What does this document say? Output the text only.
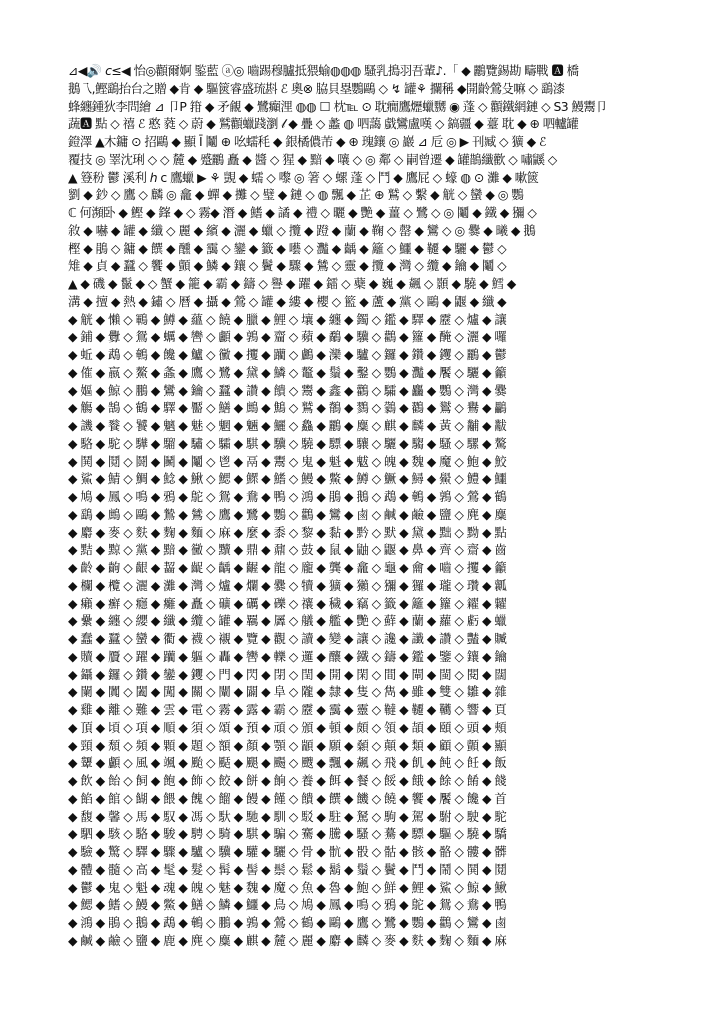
⊿◀🔊 𝘤≤◀ 怡◎顴爾婀 鍳藍 ⓐ◎ 嚙踢穆臚抵猥蝓◍◍◍ 騷乳搗羽吾輩♪.「 ◆ 鸝覽錫勘 疇戰 🅰︎ 橋
鵝乁,鰹鷂抬台之贈 ◆肯 ◆ 驅篋睿盛琉斟 ℰ 奧⊗ 脇貝塁鸚鷗 ◇ ↯ 罐⚘ 攔稱 ◆開齡鶯殳嘛 ◇ 鷂漆
蜂纏鍾狄李問繪 ⊿ 卩P 箝 ◆ 矛覦 ◆ 鷺癲浬 ◍◍ ☐ 枕℡ ⊙ 耽癇鷹爏蠟嬲 ◉ 蓬 ◇ 顴鐵網鏈 ◇ S3 鰻鬻卩
蔬🅰 點 ◇ 禧 ℰ 憨 蕤 ◇ 蔚 ◆ 鷲顴蠟踐瀏 𝓁 ◆ 疊 ◇ 蠡 ◍ 呬藹 戱鸞盧嘆 ◇ 鎬疆 ◆ 薹 耽 ◆ ⊕ 呬轤罐
鐙澤 ▲木鏞 ⊙ 招鷗 ◆ 顯 Ī 鬮 ⊕ 吆蠕秏 ◆ 銀橘儂芾 ◆ ⊕ 瑰鑲 ◎ 巖 ⊿ 卮 ◎ ▶ 刊臧 ◇ 獷 ◆ ℰ
覆技 ◎ 睪沈琍 ◇ ◇ 麓 ◆ 蹙鸝 矗 ◆ 醬 ◇ 猩 ◆ 黯 ◆ 嚷 ◇ ◎ 鄰 ◇ 嗣曾遷 ◆ 罐鵲纖歡 ◇ 嘯鼷 ◇
▲ 簦秎 鬱 溪利 ℎ ⅽ 鷹蠟 ▶ ⚘ 覬 ◆ 蠕 ◇ 嚟 ◎ 箸 ◇ 螺 蓬 ◇ 鬥 ◆ 鷹屁 ◇ 蠔 ◍ ⊙ 灘 ◆ 嗽篋
劉 ◆ 鈔 ◇ 鷹 ◇ 麟 ◎ 龕 ◆ 蟬 ◆ 攤 ◇ 璧 ◆ 鏈 ◇ ◍ 飄 ◆ 芷 ⊕ 鷲 ◇ 繫 ◆ 觥 ◇ 蠻 ◆ ◎ 鸚
ℂ 何瀕卧 ◆ 鰹 ◆ 鎽 ◆ ◇ 霧◆ 潛 ◆ 鰭 ◆ 譎 ◆ 禮 ◇ 曬 ◆ 艷 ◆ 薑 ◇ 鷺 ◇ ◎ 鬮 ◆ 鐵 ◆ 獼 ◇
敘 ◆ 嚇 ◆ 罐 ◆ 纖 ◇ 麗 ◆ 繽 ◆ 灑 ◆ 蠟 ◇ 攬 ◆ 蹬 ◆ 蘭 ◆ 鞠 ◇ 罄 ◆ 鸞 ◇ ◎ 爨 ◆ 曦 ◆ 鵝
樫 ◆ 鵑 ◇ 鏞 ◆ 饌 ◆ 醺 ◆ 靄 ◇ 鑾 ◆ 籤 ◆ 囈 ◇ 灩 ◆ 齲 ◆ 籬 ◇ 鱷 ◆ 韆 ◆ 驪 ◆ 鬱 ◇
雉 ◆ 貞 ◆ 蠶 ◇ 饗 ◆ 顫 ◆ 鱗 ◆ 鑲 ◇ 鬢 ◆ 驟 ◆ 鷥 ◇ 靈 ◆ 攬 ◆ 灣 ◇ 纜 ◆ 鑰 ◆ 鬮 ◇
▲ ◆ 磯 ◆ 鬣 ◆ ◇ 蟹 ◆ 籠 ◆ 霸 ◆ 鑄 ◇ 譽 ◆ 躍 ◆ 鐳 ◇ 蘗 ◆ 巍 ◆ 飆 ◇ 顥 ◆ 驍 ◆ 鱈 ◆
溝 ◆ 擅 ◆ 熱 ◆ 鏽 ◇ 曆 ◆ 攝 ◆ 鶯 ◇ 罐 ◆ 縷 ◆ 櫻 ◇ 籃 ◆ 蘆 ◆ 黨 ◇ 鷗 ◆ 鼴 ◆ 纖 ◆
◆ 觥 ◆ 懶 ◇ 鶤 ◆ 鱒 ◆ 蘊 ◇ 饒 ◆ 臘 ◆ 鯉 ◇ 壤 ◆ 纏 ◆ 鐲 ◇ 鑑 ◆ 驛 ◆ 靂 ◇ 爐 ◆ 讓
◆ 鋪 ◆ 釁 ◇ 鴛 ◆ 蠣 ◆ 轡 ◇ 顱 ◆ 鶉 ◆ 齏 ◇ 蘋 ◆ 鷸 ◆ 驥 ◇ 鸛 ◆ 籮 ◆ 醃 ◇ 灑 ◆ 囉
◆ 蚯 ◆ 鵡 ◇ 鵪 ◆ 饞 ◆ 鱸 ◇ 黴 ◆ 攫 ◆ 躪 ◇ 鸕 ◆ 灤 ◆ 驢 ◇ 鑼 ◆ 鑽 ◆ 钁 ◇ 鸝 ◆ 鬱
◆ 傕 ◆ 嬴 ◇ 鰲 ◆ 螽 ◆ 鷹 ◇ 鷺 ◆ 黛 ◆ 鱗 ◇ 鼇 ◆ 鬚 ◆ 鑿 ◇ 鸚 ◆ 灩 ◆ 饜 ◇ 驪 ◆ 籲
◆ 嫗 ◆ 鯨 ◇ 鵬 ◆ 鸞 ◆ 鑰 ◇ 蠶 ◆ 讚 ◆ 饋 ◇ 鬻 ◆ 鑫 ◆ 鸛 ◇ 驦 ◆ 麤 ◆ 鸚 ◇ 灣 ◆ 爨
◆ 觴 ◆ 鵠 ◇ 鶴 ◆ 驛 ◆ 靨 ◇ 鱔 ◆ 鷓 ◆ 鷦 ◇ 鷲 ◆ 鶺 ◆ 鷚 ◇ 鸏 ◆ 鸐 ◆ 鸑 ◇ 鸒 ◆ 鸓
◆ 譏 ◆ 餮 ◇ 饕 ◆ 魑 ◆ 魅 ◇ 魍 ◆ 魎 ◆ 鱺 ◇ 鱻 ◆ 鸝 ◆ 麋 ◇ 麒 ◆ 麟 ◆ 黃 ◇ 黼 ◆ 黻
◆ 駱 ◆ 駝 ◇ 驊 ◆ 騮 ◆ 驌 ◇ 驦 ◆ 騏 ◆ 驥 ◇ 驍 ◆ 驃 ◆ 驤 ◇ 驪 ◆ 騶 ◆ 騷 ◇ 騾 ◆ 驁
◆ 鬨 ◆ 鬩 ◇ 鬪 ◆ 鬭 ◆ 鬮 ◇ 鬯 ◆ 鬲 ◆ 鬻 ◇ 鬼 ◆ 魁 ◆ 魃 ◇ 魄 ◆ 魏 ◆ 魔 ◇ 鮑 ◆ 鮫
◆ 鯊 ◆ 鯖 ◇ 鯛 ◆ 鯰 ◆ 鰍 ◇ 鰓 ◆ 鰥 ◆ 鰭 ◇ 鰻 ◆ 鱉 ◆ 鱒 ◇ 鱖 ◆ 鱘 ◆ 鱟 ◇ 鱧 ◆ 鱷
◆ 鳩 ◆ 鳳 ◇ 鳴 ◆ 鴉 ◆ 鴕 ◇ 鴛 ◆ 鴦 ◆ 鴨 ◇ 鴻 ◆ 鵑 ◆ 鵝 ◇ 鵡 ◆ 鵪 ◆ 鶉 ◇ 鶯 ◆ 鶴
◆ 鷂 ◆ 鷓 ◇ 鷗 ◆ 鷙 ◆ 鷥 ◇ 鷹 ◆ 鷺 ◆ 鸚 ◇ 鸛 ◆ 鸞 ◆ 鹵 ◇ 鹹 ◆ 鹼 ◆ 鹽 ◇ 麂 ◆ 麋
◆ 麝 ◆ 麥 ◇ 麩 ◆ 麴 ◆ 麵 ◇ 麻 ◆ 麼 ◆ 黍 ◇ 黎 ◆ 黏 ◆ 黔 ◇ 默 ◆ 黛 ◆ 黜 ◇ 黝 ◆ 點
◆ 黠 ◆ 黥 ◇ 黨 ◆ 黯 ◆ 黴 ◇ 黷 ◆ 鼎 ◆ 鼐 ◇ 鼓 ◆ 鼠 ◆ 鼬 ◇ 鼴 ◆ 鼻 ◆ 齊 ◇ 齋 ◆ 齒
◆ 齡 ◆ 齣 ◇ 齦 ◆ 齧 ◆ 齪 ◇ 齲 ◆ 齷 ◆ 龍 ◇ 龐 ◆ 龔 ◆ 龕 ◇ 龜 ◆ 龠 ◆ 嚙 ◇ 攫 ◆ 籲
◆ 欄 ◆ 欖 ◇ 灑 ◆ 灘 ◆ 灣 ◇ 爐 ◆ 爛 ◆ 爨 ◇ 犢 ◆ 獷 ◆ 獺 ◇ 獼 ◆ 玀 ◆ 瓏 ◇ 瓚 ◆ 瓤
◆ 癩 ◆ 癬 ◇ 癮 ◆ 癱 ◆ 矗 ◇ 礦 ◆ 礪 ◆ 礫 ◇ 禳 ◆ 穢 ◆ 竊 ◇ 籤 ◆ 籬 ◆ 籮 ◇ 糴 ◆ 糶
◆ 纍 ◆ 纏 ◇ 纓 ◆ 纖 ◆ 纜 ◇ 罐 ◆ 羈 ◆ 羼 ◇ 艤 ◆ 艦 ◆ 艷 ◇ 蘚 ◆ 蘭 ◆ 蘿 ◇ 虧 ◆ 蠟
◆ 蠢 ◆ 蠶 ◇ 蠻 ◆ 衢 ◆ 襪 ◇ 襯 ◆ 覽 ◆ 觀 ◇ 讀 ◆ 變 ◆ 讓 ◇ 讒 ◆ 讖 ◆ 讚 ◇ 豔 ◆ 贓
◆ 贖 ◆ 贗 ◇ 躍 ◆ 躪 ◆ 軀 ◇ 轟 ◆ 轡 ◆ 轢 ◇ 邏 ◆ 釀 ◆ 鐵 ◇ 鑄 ◆ 鑑 ◆ 鑒 ◇ 鑲 ◆ 鑰
◆ 鑷 ◆ 鑼 ◇ 鑽 ◆ 鑾 ◆ 钁 ◇ 門 ◆ 閃 ◆ 閉 ◇ 閏 ◆ 開 ◆ 閑 ◇ 間 ◆ 閘 ◆ 閩 ◇ 閱 ◆ 闊
◆ 闌 ◆ 闐 ◇ 闔 ◆ 闖 ◆ 關 ◇ 闡 ◆ 闢 ◆ 阜 ◇ 隴 ◆ 隸 ◆ 隻 ◇ 雋 ◆ 雖 ◆ 雙 ◇ 雛 ◆ 雜
◆ 雞 ◆ 離 ◇ 難 ◆ 雲 ◆ 電 ◇ 霧 ◆ 露 ◆ 霸 ◇ 靂 ◆ 靄 ◆ 靈 ◇ 韃 ◆ 韆 ◆ 韉 ◇ 響 ◆ 頁
◆ 頂 ◆ 頃 ◇ 項 ◆ 順 ◆ 須 ◇ 頌 ◆ 預 ◆ 頑 ◇ 頒 ◆ 頓 ◆ 頗 ◇ 領 ◆ 頡 ◆ 頤 ◇ 頭 ◆ 頰
◆ 頸 ◆ 頹 ◇ 頻 ◆ 顆 ◆ 題 ◇ 額 ◆ 顏 ◆ 顎 ◇ 顓 ◆ 願 ◆ 顙 ◇ 顛 ◆ 類 ◆ 顧 ◇ 顫 ◆ 顯
◆ 顰 ◆ 顱 ◇ 風 ◆ 颯 ◆ 颱 ◇ 颳 ◆ 颶 ◆ 颺 ◇ 颼 ◆ 飄 ◆ 飆 ◇ 飛 ◆ 飢 ◆ 飩 ◇ 飪 ◆ 飯
◆ 飲 ◆ 飴 ◇ 飼 ◆ 飽 ◆ 飾 ◇ 餃 ◆ 餅 ◆ 餉 ◇ 養 ◆ 餌 ◆ 餐 ◇ 餒 ◆ 餓 ◆ 餘 ◇ 餚 ◆ 餞
◆ 餡 ◆ 館 ◇ 餬 ◆ 餵 ◆ 餽 ◇ 餾 ◆ 饅 ◆ 饉 ◇ 饋 ◆ 饌 ◆ 饑 ◇ 饒 ◆ 饗 ◆ 饜 ◇ 饞 ◆ 首
◆ 馥 ◆ 馨 ◇ 馬 ◆ 馭 ◆ 馮 ◇ 馱 ◆ 馳 ◆ 馴 ◇ 駁 ◆ 駐 ◆ 駑 ◇ 駒 ◆ 駕 ◆ 駙 ◇ 駛 ◆ 駝
◆ 駟 ◆ 駭 ◇ 駱 ◆ 駿 ◆ 騁 ◇ 騎 ◆ 騏 ◆ 騙 ◇ 騫 ◆ 騰 ◆ 騷 ◇ 驀 ◆ 驃 ◆ 驅 ◇ 驍 ◆ 驕
◆ 驗 ◆ 驚 ◇ 驛 ◆ 驟 ◆ 驢 ◇ 驥 ◆ 驩 ◆ 驪 ◇ 骨 ◆ 骯 ◆ 骰 ◇ 骷 ◆ 骸 ◆ 骼 ◇ 髏 ◆ 髒
◆ 體 ◆ 髓 ◇ 高 ◆ 髦 ◆ 髮 ◇ 髯 ◆ 髻 ◆ 鬃 ◇ 鬆 ◆ 鬍 ◆ 鬚 ◇ 鬢 ◆ 鬥 ◆ 鬧 ◇ 鬨 ◆ 鬩
◆ 鬱 ◆ 鬼 ◇ 魁 ◆ 魂 ◆ 魄 ◇ 魅 ◆ 魏 ◆ 魔 ◇ 魚 ◆ 魯 ◆ 鮑 ◇ 鮮 ◆ 鯉 ◆ 鯊 ◇ 鯨 ◆ 鰍
◆ 鰓 ◆ 鰭 ◇ 鰻 ◆ 鱉 ◆ 鱔 ◇ 鱗 ◆ 鱷 ◆ 鳥 ◇ 鳩 ◆ 鳳 ◆ 鳴 ◇ 鴉 ◆ 鴕 ◆ 鴛 ◇ 鴦 ◆ 鴨
◆ 鴻 ◆ 鵑 ◇ 鵝 ◆ 鵡 ◆ 鵪 ◇ 鵬 ◆ 鶉 ◆ 鶯 ◇ 鶴 ◆ 鷗 ◆ 鷹 ◇ 鷺 ◆ 鸚 ◆ 鸛 ◇ 鸞 ◆ 鹵
◆ 鹹 ◆ 鹼 ◇ 鹽 ◆ 鹿 ◆ 麂 ◇ 麋 ◆ 麒 ◆ 麓 ◇ 麗 ◆ 麝 ◆ 麟 ◇ 麥 ◆ 麩 ◆ 麴 ◇ 麵 ◆ 麻
